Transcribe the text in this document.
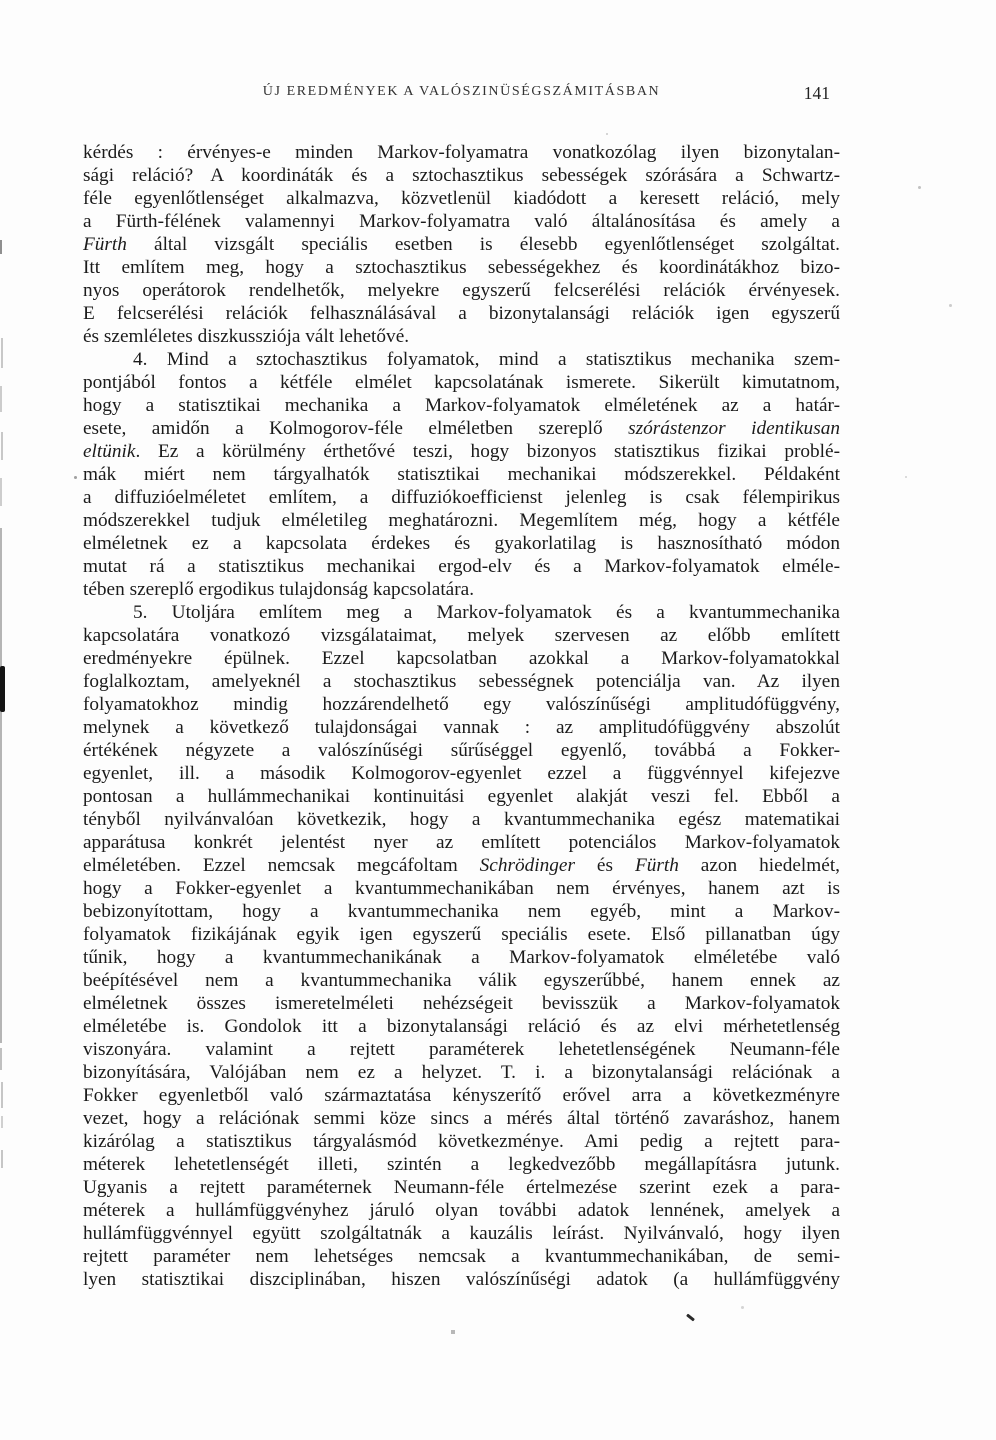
ÚJ EREDMÉNYEK A VALÓSZINÜSÉGSZÁMITÁSBAN	141
kérdés : érvényes-e minden Markov-folyamatra vonatkozólag ilyen bizonytalan-
sági reláció? A koordináták és a sztochasztikus sebességek szórására a Schwartz-
féle egyenlőtlenséget alkalmazva, közvetlenül kiadódott a keresett reláció, mely
a Fürth-félének valamennyi Markov-folyamatra való általánosítása és amely a
Fürth által vizsgált speciális esetben is élesebb egyenlőtlenséget szolgáltat.
Itt említem meg, hogy a sztochasztikus sebességekhez és koordinátákhoz bizo-
nyos operátorok rendelhetők, melyekre egyszerű felcserélési relációk érvényesek.
E felcserélési relációk felhasználásával a bizonytalansági relációk igen egyszerű
és szemléletes diszkussziója vált lehetővé.
4. Mind a sztochasztikus folyamatok, mind a statisztikus mechanika szem-
pontjából fontos a kétféle elmélet kapcsolatának ismerete. Sikerült kimutatnom,
hogy a statisztikai mechanika a Markov-folyamatok elméletének az a határ-
esete, amidőn a Kolmogorov-féle elméletben szereplő szórástenzor identikusan
eltünik. Ez a körülmény érthetővé teszi, hogy bizonyos statisztikus fizikai problé-
mák miért nem tárgyalhatók statisztikai mechanikai módszerekkel. Példaként
a diffuzióelméletet említem, a diffuziókoefficienst jelenleg is csak félempirikus
módszerekkel tudjuk elméletileg meghatározni. Megemlítem még, hogy a kétféle
elméletnek ez a kapcsolata érdekes és gyakorlatilag is hasznosítható módon
mutat rá a statisztikus mechanikai ergod-elv és a Markov-folyamatok elméle-
tében szereplő ergodikus tulajdonság kapcsolatára.
5. Utoljára említem meg a Markov-folyamatok és a kvantummechanika
kapcsolatára vonatkozó vizsgálataimat, melyek szervesen az előbb említett
eredményekre épülnek. Ezzel kapcsolatban azokkal a Markov-folyamatokkal
foglalkoztam, amelyeknél a stochasztikus sebességnek potenciálja van. Az ilyen
folyamatokhoz mindig hozzárendelhető egy valószínűségi amplitudófüggvény,
melynek a következő tulajdonságai vannak : az amplitudófüggvény abszolút
értékének négyzete a valószínűségi sűrűséggel egyenlő, továbbá a Fokker-
egyenlet, ill. a második Kolmogorov-egyenlet ezzel a függvénnyel kifejezve
pontosan a hullámmechanikai kontinuitási egyenlet alakját veszi fel. Ebből a
tényből nyilvánvalóan következik, hogy a kvantummechanika egész matematikai
apparátusa konkrét jelentést nyer az említett potenciálos Markov-folyamatok
elméletében. Ezzel nemcsak megcáfoltam Schrödinger és Fürth azon hiedelmét,
hogy a Fokker-egyenlet a kvantummechanikában nem érvényes, hanem azt is
bebizonyítottam, hogy a kvantummechanika nem egyéb, mint a Markov-
folyamatok fizikájának egyik igen egyszerű speciális esete. Első pillanatban úgy
tűnik, hogy a kvantummechanikának a Markov-folyamatok elméletébe való
beépítésével nem a kvantummechanika válik egyszerűbbé, hanem ennek az
elméletnek összes ismeretelméleti nehézségeit bevisszük a Markov-folyamatok
elméletébe is. Gondolok itt a bizonytalansági reláció és az elvi mérhetetlenség
viszonyára. valamint a rejtett paraméterek lehetetlenségének Neumann-féle
bizonyítására, Valójában nem ez a helyzet. T. i. a bizonytalansági relációnak a
Fokker egyenletből való származtatása kényszerítő erővel arra a következményre
vezet, hogy a relációnak semmi köze sincs a mérés által történő zavaráshoz, hanem
kizárólag a statisztikus tárgyalásmód következménye. Ami pedig a rejtett para-
méterek lehetetlenségét illeti, szintén a legkedvezőbb megállapításra jutunk.
Ugyanis a rejtett paraméternek Neumann-féle értelmezése szerint ezek a para-
méterek a hullámfüggvényhez járuló olyan további adatok lennének, amelyek a
hullámfüggvénnyel együtt szolgáltatnák a kauzális leírást. Nyilvánvaló, hogy ilyen
rejtett paraméter nem lehetséges nemcsak a kvantummechanikában, de semi-
lyen statisztikai diszciplinában, hiszen valószínűségi adatok (a hullámfüggvény
